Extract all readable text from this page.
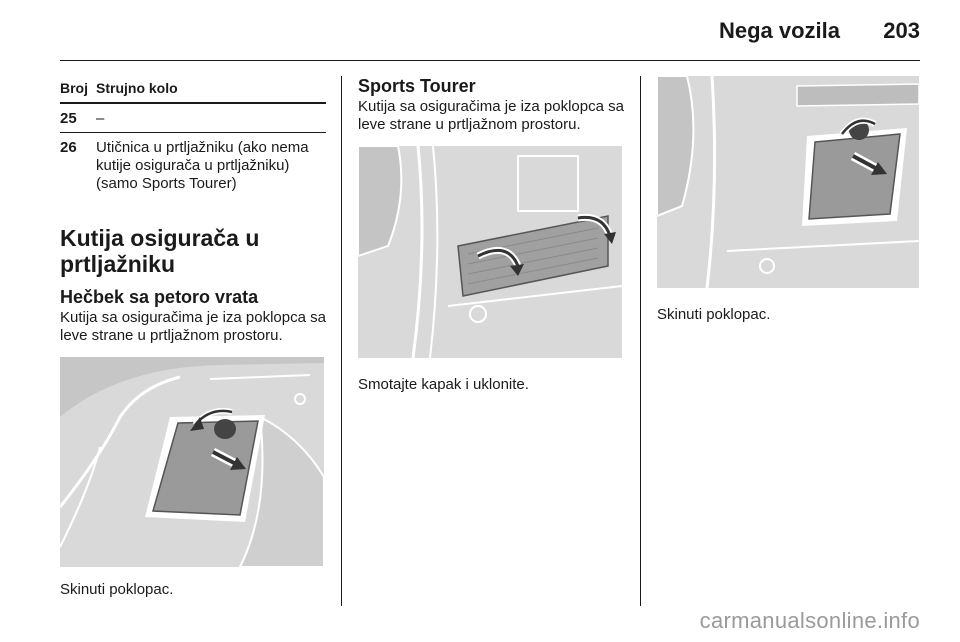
Nega vozila 203
Broj Strujno kolo
25	–
26	Utičnica u prtljažniku (ako nema kutije osigurača u prtljažniku) (samo Sports Tourer)
Kutija osigurača u prtljažniku
Hečbek sa petoro vrata

Kutija sa osiguračima je iza poklopca sa leve strane u prtljažnom prostoru.

Skinuti poklopac.

Sports Tourer

Kutija sa osiguračima je iza poklopca sa leve strane u prtljažnom prostoru.

Smotajte kapak i uklonite.

Skinuti poklopac.

carmanualsonline.info
